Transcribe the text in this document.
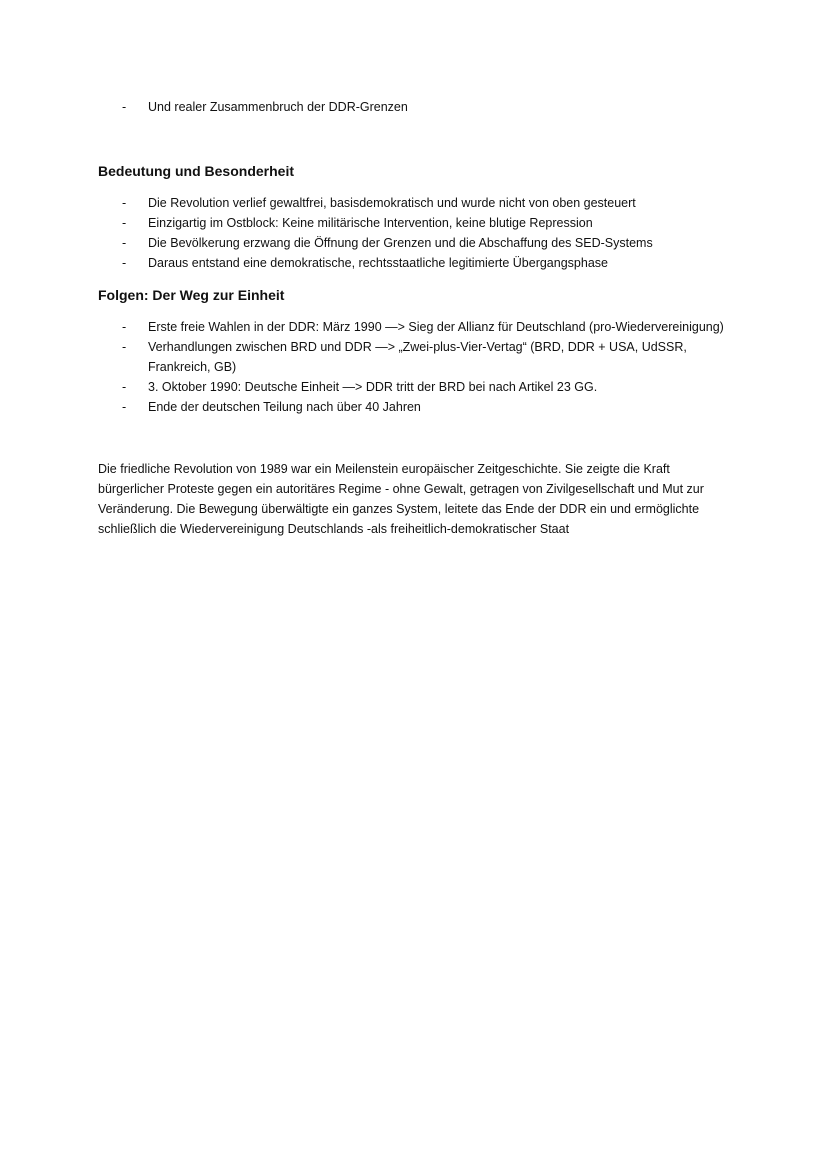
- Und realer Zusammenbruch der DDR-Grenzen
Bedeutung und Besonderheit
- Die Revolution verlief gewaltfrei, basisdemokratisch und wurde nicht von oben gesteuert
- Einzigartig im Ostblock: Keine militärische Intervention, keine blutige Repression
- Die Bevölkerung erzwang die Öffnung der Grenzen und die Abschaffung des SED-Systems
- Daraus entstand eine demokratische, rechtsstaatliche legitimierte Übergangsphase
Folgen: Der Weg zur Einheit
- Erste freie Wahlen in der DDR: März 1990 —> Sieg der Allianz für Deutschland (pro-Wiedervereinigung)
- Verhandlungen zwischen BRD und DDR —> „Zwei-plus-Vier-Vertag“ (BRD, DDR + USA, UdSSR, Frankreich, GB)
- 3. Oktober 1990: Deutsche Einheit —> DDR tritt der BRD bei nach Artikel 23 GG.
- Ende der deutschen Teilung nach über 40 Jahren

Die friedliche Revolution von 1989 war ein Meilenstein europäischer Zeitgeschichte. Sie zeigte die Kraft bürgerlicher Proteste gegen ein autoritäres Regime - ohne Gewalt, getragen von Zivilgesellschaft und Mut zur Veränderung. Die Bewegung überwältigte ein ganzes System, leitete das Ende der DDR ein und ermöglichte schließlich die Wiedervereinigung Deutschlands -als freiheitlich-demokratischer Staat
